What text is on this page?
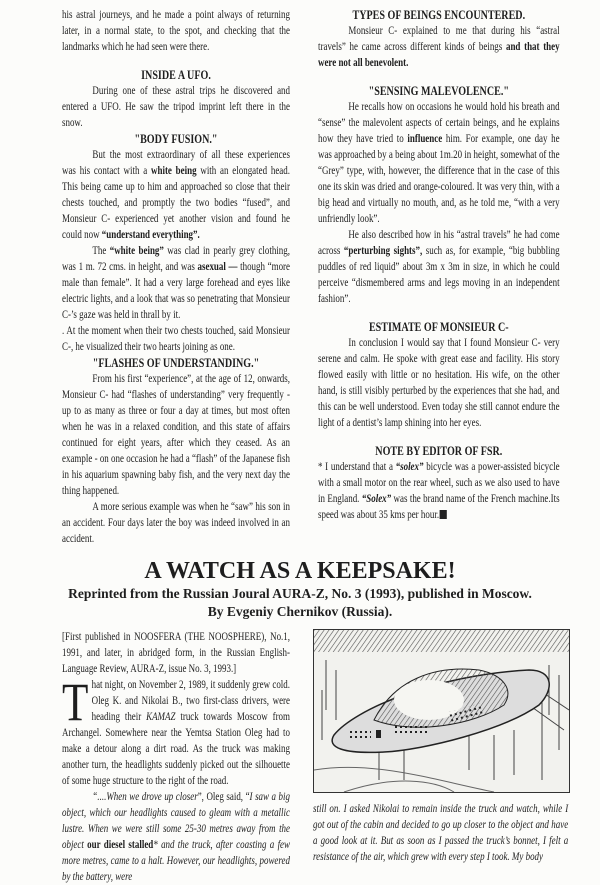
his astral journeys, and he made a point always of returning later, in a normal state, to the spot, and checking that the landmarks which he had seen were there.

INSIDE A UFO.

During one of these astral trips he discovered and entered a UFO. He saw the tripod imprint left there in the snow.

"BODY FUSION."

But the most extraordinary of all these experiences was his contact with a white being with an elongated head. This being came up to him and approached so close that their chests touched, and promptly the two bodies “fused”, and Monsieur C- experienced yet another vision and found he could now “understand everything”.

The “white being” was clad in pearly grey clothing, was 1 m. 72 cms. in height, and was asexual — though “more male than female”. It had a very large forehead and eyes like electric lights, and a look that was so penetrating that Monsieur C-’s gaze was held in thrall by it.

. At the moment when their two chests touched, said Monsieur C-, he visualized their two hearts joining as one.

"FLASHES OF UNDERSTANDING."

From his first “experience”, at the age of 12, onwards, Monsieur C- had “flashes of understanding” very frequently - up to as many as three or four a day at times, but most often when he was in a relaxed condition, and this state of affairs continued for eight years, after which they ceased. As an example - on one occasion he had a “flash” of the Japanese fish in his aquarium spawning baby fish, and the very next day the thing happened.

A more serious example was when he “saw” his son in an accident. Four days later the boy was indeed involved in an accident.

TYPES OF BEINGS ENCOUNTERED.

Monsieur C- explained to me that during his “astral travels” he came across different kinds of beings and that they were not all benevolent.

"SENSING MALEVOLENCE."

He recalls how on occasions he would hold his breath and “sense” the malevolent aspects of certain beings, and he explains how they have tried to influence him. For example, one day he was approached by a being about 1m.20 in height, somewhat of the “Grey” type, with, however, the difference that in the case of this one its skin was dried and orange-coloured. It was very thin, with a big head and virtually no mouth, and, as he told me, “with a very unfriendly look”.

He also described how in his “astral travels” he had come across “perturbing sights”, such as, for example, “big bubbling puddles of red liquid” about 3m x 3m in size, in which he could perceive “dismembered arms and legs moving in an independent fashion”.

ESTIMATE OF MONSIEUR C-

In conclusion I would say that I found Monsieur C- very serene and calm. He spoke with great ease and facility. His story flowed easily with little or no hesitation. His wife, on the other hand, is still visibly perturbed by the experiences that she had, and this can be well understood. Even today she still cannot endure the light of a dentist’s lamp shining into her eyes.

NOTE BY EDITOR OF FSR.

* I understand that a “solex” bicycle was a power-assisted bicycle with a small motor on the rear wheel, such as we also used to have in England. “Solex” was the brand name of the French machine.Its speed was about 35 kms per hour.

A WATCH AS A KEEPSAKE!
Reprinted from the Russian Joural AURA-Z, No. 3 (1993), published in Moscow.
By Evgeniy Chernikov (Russia).

[First published in NOOSFERA (THE NOOSPHERE), No.1, 1991, and later, in abridged form, in the Russian English-Language Review, AURA-Z, issue No. 3, 1993.]

That night, on November 2, 1989, it suddenly grew cold. Oleg K. and Nikolai B., two first-class drivers, were heading their KAMAZ truck towards Moscow from Archangel. Somewhere near the Yemtsa Station Oleg had to make a detour along a dirt road. As the truck was making another turn, the headlights suddenly picked out the silhouette of some huge structure to the right of the road.

“....When we drove up closer”, Oleg said, “I saw a big object, which our headlights caused to gleam with a metallic lustre. When we were still some 25-30 metres away from the object our diesel stalled* and the truck, after coasting a few more metres, came to a halt. However, our headlights, powered by the battery, were

still on. I asked Nikolai to remain inside the truck and watch, while I got out of the cabin and decided to go up closer to the object and have a good look at it. But as soon as I passed the truck’s bonnet, I felt a resistance of the air, which grew with every step I took. My body
